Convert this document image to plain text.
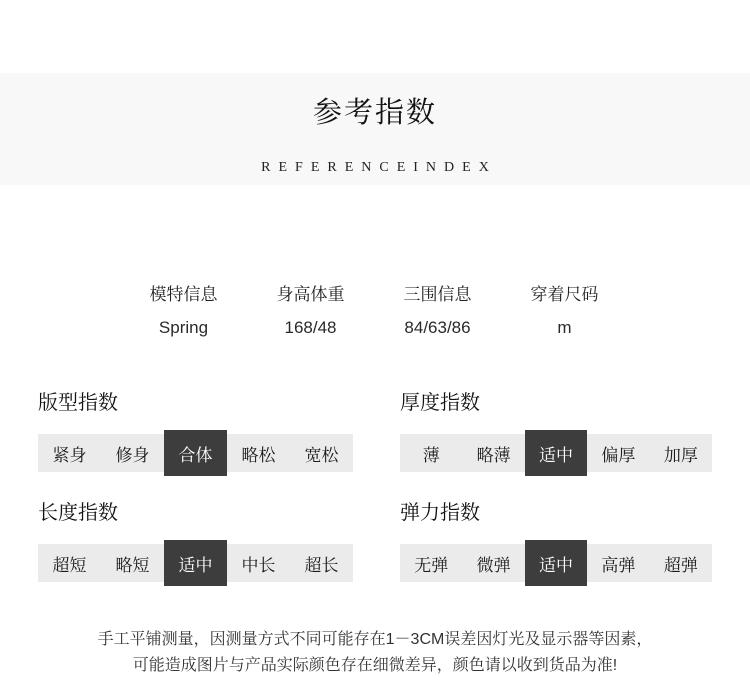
参考指数
REFERENCEINDEX
模特信息	身高体重	三围信息	穿着尺码
Spring	168/48	84/63/86	m
版型指数
紧身	修身	合体	略松	宽松
厚度指数
薄	略薄	适中	偏厚	加厚
长度指数
超短	略短	适中	中长	超长
弹力指数
无弹	微弹	适中	高弹	超弹
手工平铺测量，因测量方式不同可能存在1－3CM误差因灯光及显示器等因素，
可能造成图片与产品实际颜色存在细微差异，颜色请以收到货品为准!
